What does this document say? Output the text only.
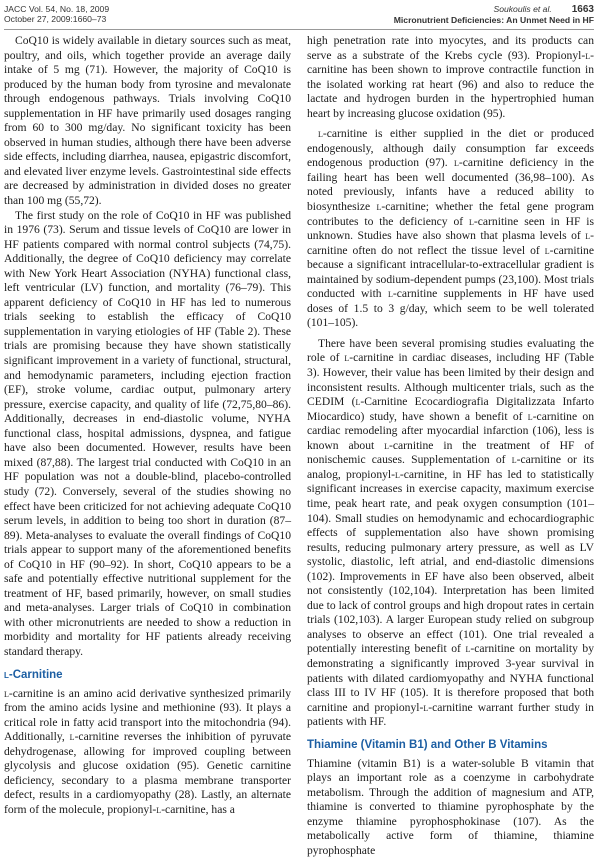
JACC Vol. 54, No. 18, 2009
October 27, 2009:1660–73
Soukoulis et al. 1663
Micronutrient Deficiencies: An Unmet Need in HF

CoQ10 is widely available in dietary sources such as meat, poultry, and oils, which together provide an average daily intake of 5 mg (71). However, the majority of CoQ10 is produced by the human body from tyrosine and mevalonate through endogenous pathways. Trials involving CoQ10 supplementation in HF have primarily used dosages ranging from 60 to 300 mg/day. No significant toxicity has been observed in human studies, although there have been adverse side effects, including diarrhea, nausea, epigastric discomfort, and elevated liver enzyme levels. Gastrointestinal side effects are decreased by administration in divided doses no greater than 100 mg (55,72).

The first study on the role of CoQ10 in HF was published in 1976 (73). Serum and tissue levels of CoQ10 are lower in HF patients compared with normal control subjects (74,75). Additionally, the degree of CoQ10 deficiency may correlate with New York Heart Association (NYHA) functional class, left ventricular (LV) function, and mortality (76–79). This apparent deficiency of CoQ10 in HF has led to numerous trials seeking to establish the efficacy of CoQ10 supplementation in varying etiologies of HF (Table 2). These trials are promising because they have shown statistically significant improvement in a variety of functional, structural, and hemodynamic parameters, including ejection fraction (EF), stroke volume, cardiac output, pulmonary artery pressure, exercise capacity, and quality of life (72,75,80–86). Additionally, decreases in end-diastolic volume, NYHA functional class, hospital admissions, dyspnea, and fatigue have also been documented. However, results have been mixed (87,88). The largest trial conducted with CoQ10 in an HF population was not a double-blind, placebo-controlled study (72). Conversely, several of the studies showing no effect have been criticized for not achieving adequate CoQ10 serum levels, in addition to being too short in duration (87–89). Meta-analyses to evaluate the overall findings of CoQ10 trials appear to support many of the aforementioned benefits of CoQ10 in HF (90–92). In short, CoQ10 appears to be a safe and potentially effective nutritional supplement for the treatment of HF, based primarily, however, on small studies and meta-analyses. Larger trials of CoQ10 in combination with other micronutrients are needed to show a reduction in morbidity and mortality for HF patients already receiving standard therapy.

l-Carnitine

l-carnitine is an amino acid derivative synthesized primarily from the amino acids lysine and methionine (93). It plays a critical role in fatty acid transport into the mitochondria (94). Additionally, l-carnitine reverses the inhibition of pyruvate dehydrogenase, allowing for improved coupling between glycolysis and glucose oxidation (95). Genetic carnitine deficiency, secondary to a plasma membrane transporter defect, results in a cardiomyopathy (28). Lastly, an alternate form of the molecule, propionyl-l-carnitine, has a

high penetration rate into myocytes, and its products can serve as a substrate of the Krebs cycle (93). Propionyl-l-carnitine has been shown to improve contractile function in the isolated working rat heart (96) and also to reduce the lactate and hydrogen burden in the hypertrophied human heart by increasing glucose oxidation (95).

l-carnitine is either supplied in the diet or produced endogenously, although daily consumption far exceeds endogenous production (97). l-carnitine deficiency in the failing heart has been well documented (36,98–100). As noted previously, infants have a reduced ability to biosynthesize l-carnitine; whether the fetal gene program contributes to the deficiency of l-carnitine seen in HF is unknown. Studies have also shown that plasma levels of l-carnitine often do not reflect the tissue level of l-carnitine because a significant intracellular-to-extracellular gradient is maintained by sodium-dependent pumps (23,100). Most trials conducted with l-carnitine supplements in HF have used doses of 1.5 to 3 g/day, which seem to be well tolerated (101–105).

There have been several promising studies evaluating the role of l-carnitine in cardiac diseases, including HF (Table 3). However, their value has been limited by their design and inconsistent results. Although multicenter trials, such as the CEDIM (l-Carnitine Ecocardiografia Digitalizzata Infarto Miocardico) study, have shown a benefit of l-carnitine on cardiac remodeling after myocardial infarction (106), less is known about l-carnitine in the treatment of HF of nonischemic causes. Supplementation of l-carnitine or its analog, propionyl-l-carnitine, in HF has led to statistically significant increases in exercise capacity, maximum exercise time, peak heart rate, and peak oxygen consumption (101–104). Small studies on hemodynamic and echocardiographic effects of supplementation also have shown promising results, reducing pulmonary artery pressure, as well as LV systolic, diastolic, left atrial, and end-diastolic dimensions (102). Improvements in EF have also been observed, albeit not consistently (102,104). Interpretation has been limited due to lack of control groups and high dropout rates in certain trials (102,103). A larger European study relied on subgroup analyses to observe an effect (101). One trial revealed a potentially interesting benefit of l-carnitine on mortality by demonstrating a significantly improved 3-year survival in patients with dilated cardiomyopathy and NYHA functional class III to IV HF (105). It is therefore proposed that both carnitine and propionyl-l-carnitine warrant further study in patients with HF.

Thiamine (Vitamin B1) and Other B Vitamins

Thiamine (vitamin B1) is a water-soluble B vitamin that plays an important role as a coenzyme in carbohydrate metabolism. Through the addition of magnesium and ATP, thiamine is converted to thiamine pyrophosphate by the enzyme thiamine pyrophosphokinase (107). As the metabolically active form of thiamine, thiamine pyrophosphate
